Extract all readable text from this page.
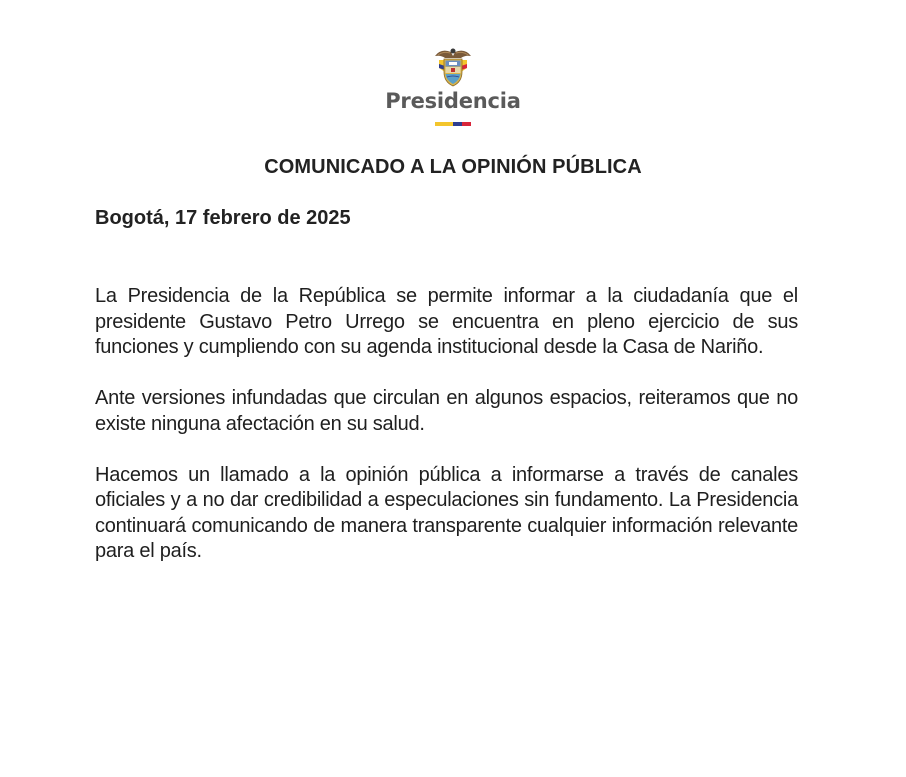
Presidencia
COMUNICADO A LA OPINIÓN PÚBLICA
Bogotá, 17 febrero de 2025

La Presidencia de la República se permite informar a la ciudadanía que el presidente Gustavo Petro Urrego se encuentra en pleno ejercicio de sus funciones y cumpliendo con su agenda institucional desde la Casa de Nariño.

Ante versiones infundadas que circulan en algunos espacios, reiteramos que no existe ninguna afectación en su salud.

Hacemos un llamado a la opinión pública a informarse a través de canales oficiales y a no dar credibilidad a especulaciones sin fundamento. La Presidencia continuará comunicando de manera transparente cualquier información relevante para el país.
